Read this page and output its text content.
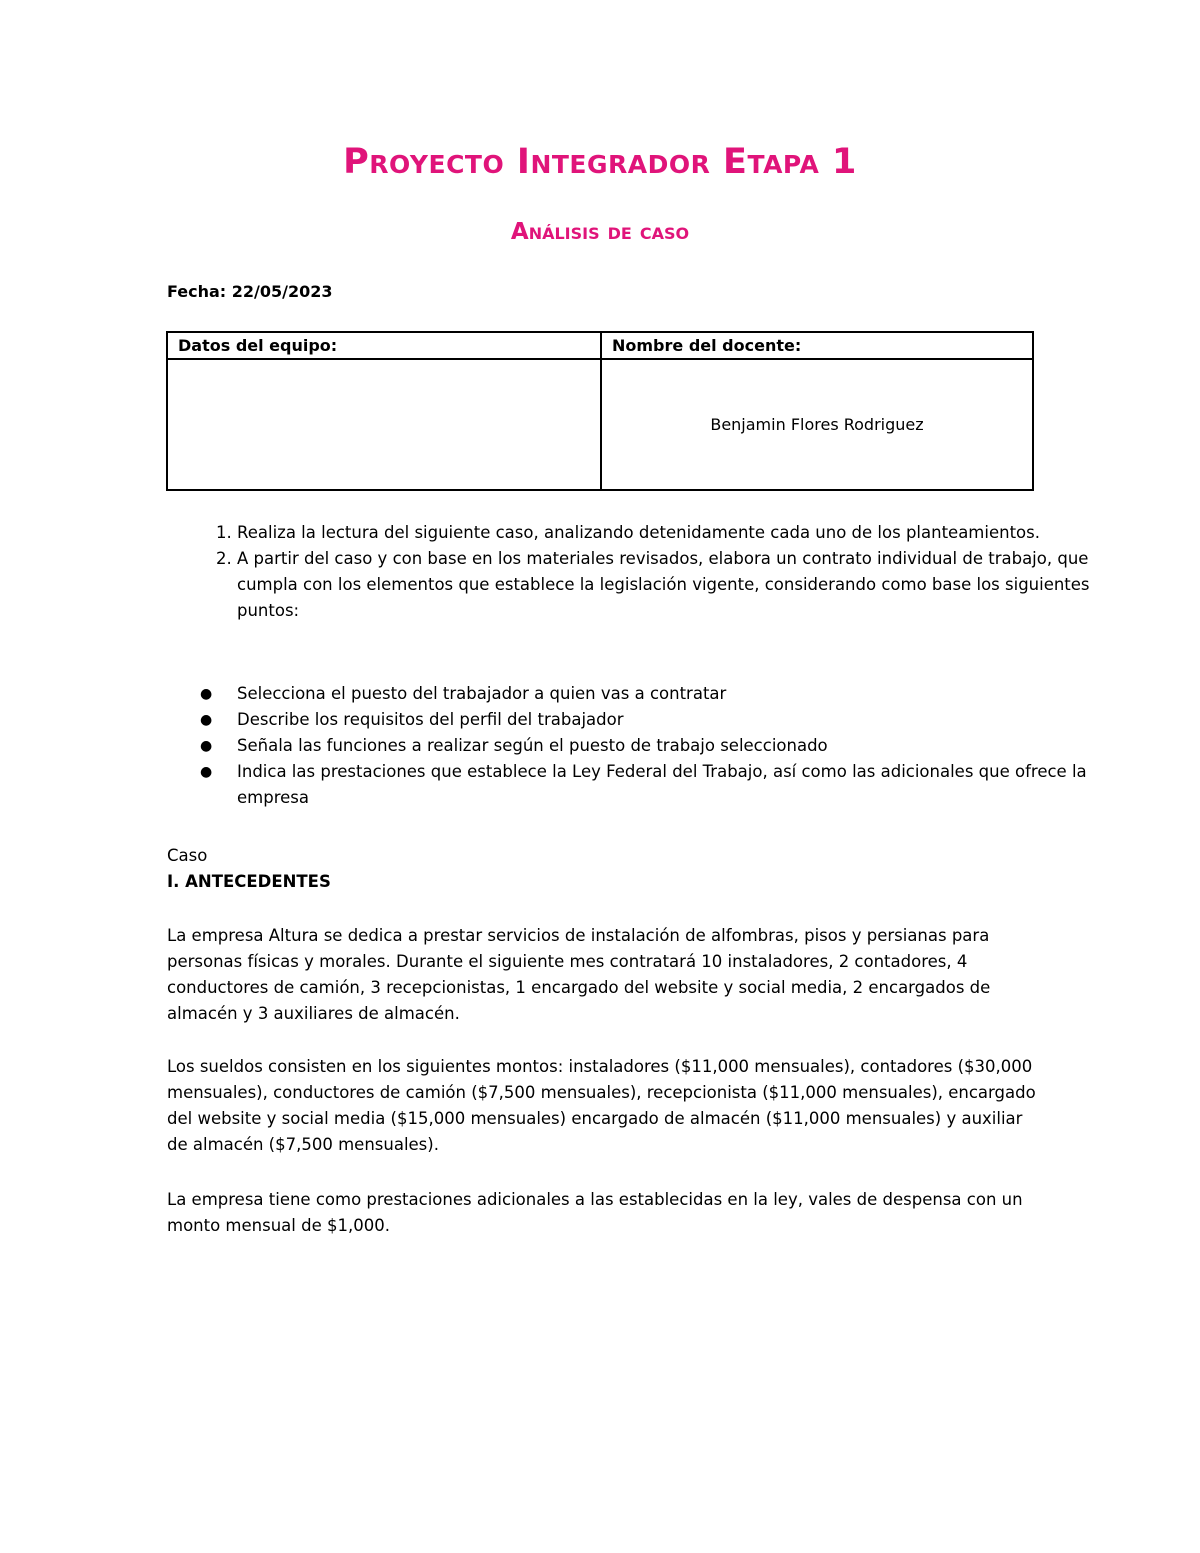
Proyecto Integrador Etapa 1
Análisis de caso
Fecha: 22/05/2023
Datos del equipo:	Nombre del docente:
	Benjamin Flores Rodriguez
1. Realiza la lectura del siguiente caso, analizando detenidamente cada uno de los planteamientos.
2. A partir del caso y con base en los materiales revisados, elabora un contrato individual de trabajo, que cumpla con los elementos que establece la legislación vigente, considerando como base los siguientes puntos:
● Selecciona el puesto del trabajador a quien vas a contratar
● Describe los requisitos del perfil del trabajador
● Señala las funciones a realizar según el puesto de trabajo seleccionado
● Indica las prestaciones que establece la Ley Federal del Trabajo, así como las adicionales que ofrece la empresa
Caso
I. ANTECEDENTES
La empresa Altura se dedica a prestar servicios de instalación de alfombras, pisos y persianas para personas físicas y morales. Durante el siguiente mes contratará 10 instaladores, 2 contadores, 4 conductores de camión, 3 recepcionistas, 1 encargado del website y social media, 2 encargados de almacén y 3 auxiliares de almacén.
Los sueldos consisten en los siguientes montos: instaladores ($11,000 mensuales), contadores ($30,000 mensuales), conductores de camión ($7,500 mensuales), recepcionista ($11,000 mensuales), encargado del website y social media ($15,000 mensuales) encargado de almacén ($11,000 mensuales) y auxiliar de almacén ($7,500 mensuales).
La empresa tiene como prestaciones adicionales a las establecidas en la ley, vales de despensa con un monto mensual de $1,000.
